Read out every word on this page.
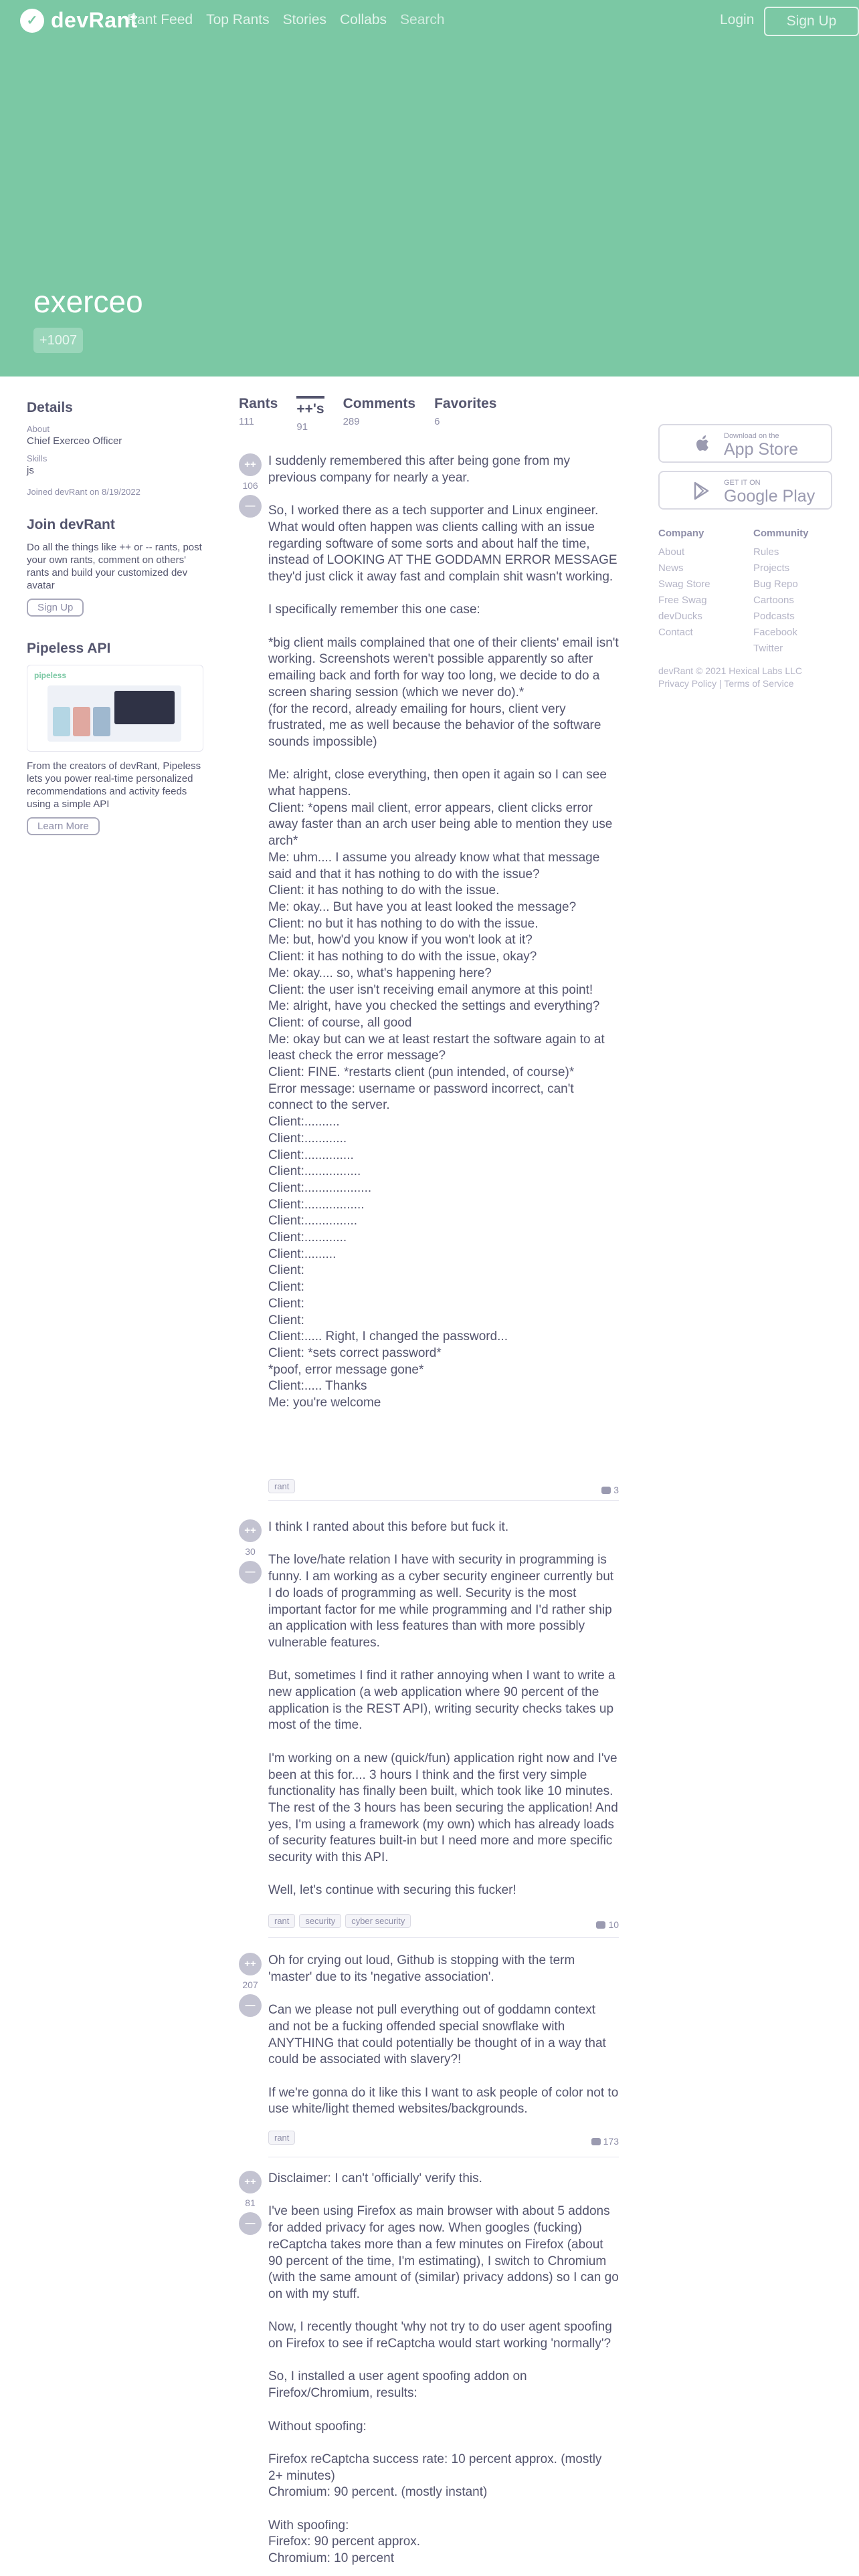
✓ devRant
Rant Feed Top Rants Stories Collabs Search	Login	Sign Up
exerceo
+1007
Details
About
Chief Exerceo Officer
Skills
js
Joined devRant on 8/19/2022
Join devRant
Do all the things like ++ or -- rants, post your own rants, comment on others' rants and build your customized dev avatar
Sign Up
Pipeless API
pipeless
From the creators of devRant, Pipeless lets you power real-time personalized recommendations and activity feeds using a simple API
Learn More
Rants
111
++'s
91
Comments
289
Favorites
6
++
106
—
I suddenly remembered this after being gone from my previous company for nearly a year.

So, I worked there as a tech supporter and Linux engineer. What would often happen was clients calling with an issue regarding software of some sorts and about half the time, instead of LOOKING AT THE GODDAMN ERROR MESSAGE they'd just click it away fast and complain shit wasn't working.

I specifically remember this one case:

*big client mails complained that one of their clients' email isn't working. Screenshots weren't possible apparently so after emailing back and forth for way too long, we decide to do a screen sharing session (which we never do).*
(for the record, already emailing for hours, client very frustrated, me as well because the behavior of the software sounds impossible)

Me: alright, close everything, then open it again so I can see what happens.
Client: *opens mail client, error appears, client clicks error away faster than an arch user being able to mention they use arch*
Me: uhm.... I assume you already know what that message said and that it has nothing to do with the issue?
Client: it has nothing to do with the issue.
Me: okay... But have you at least looked the message?
Client: no but it has nothing to do with the issue.
Me: but, how'd you know if you won't look at it?
Client: it has nothing to do with the issue, okay?
Me: okay.... so, what's happening here?
Client: the user isn't receiving email anymore at this point!
Me: alright, have you checked the settings and everything?
Client: of course, all good
Me: okay but can we at least restart the software again to at least check the error message?
Client: FINE. *restarts client (pun intended, of course)*
Error message: username or password incorrect, can't connect to the server.
Client:..........
Client:............
Client:..............
Client:................
Client:...................
Client:.................
Client:...............
Client:............
Client:.........
Client:
Client:
Client:
Client:
Client:..... Right, I changed the password...
Client: *sets correct password*
*poof, error message gone*
Client:..... Thanks
Me: you're welcome

rant	3
++
30
—
I think I ranted about this before but fuck it.

The love/hate relation I have with security in programming is funny. I am working as a cyber security engineer currently but I do loads of programming as well. Security is the most important factor for me while programming and I'd rather ship an application with less features than with more possibly vulnerable features.

But, sometimes I find it rather annoying when I want to write a new application (a web application where 90 percent of the application is the REST API), writing security checks takes up most of the time.

I'm working on a new (quick/fun) application right now and I've been at this for.... 3 hours I think and the first very simple functionality has finally been built, which took like 10 minutes. The rest of the 3 hours has been securing the application! And yes, I'm using a framework (my own) which has already loads of security features built-in but I need more and more specific security with this API.

Well, let's continue with securing this fucker!
rant	security	cyber security	10
++
207
—
Oh for crying out loud, Github is stopping with the term 'master' due to its 'negative association'.

Can we please not pull everything out of goddamn context and not be a fucking offended special snowflake with ANYTHING that could potentially be thought of in a way that could be associated with slavery?!

If we're gonna do it like this I want to ask people of color not to use white/light themed websites/backgrounds.
rant	173
++
81
—
Disclaimer: I can't 'officially' verify this.

I've been using Firefox as main browser with about 5 addons for added privacy for ages now. When googles (fucking) reCaptcha takes more than a few minutes on Firefox (about 90 percent of the time, I'm estimating), I switch to Chromium (with the same amount of (similar) privacy addons) so I can go on with my stuff.

Now, I recently thought 'why not try to do user agent spoofing on Firefox to see if reCaptcha would start working 'normally'?

So, I installed a user agent spoofing addon on Firefox/Chromium, results:

Without spoofing:

Firefox reCaptcha success rate: 10 percent approx. (mostly 2+ minutes)
Chromium: 90 percent. (mostly instant)

With spoofing:
Firefox: 90 percent approx.
Chromium: 10 percent
Download on the
App Store
GET IT ON
Google Play
Company
About
News
Swag Store
Free Swag
devDucks
Contact
Community
Rules
Projects
Bug Repo
Cartoons
Podcasts
Facebook
Twitter
devRant © 2021 Hexical Labs LLC
Privacy Policy | Terms of Service
